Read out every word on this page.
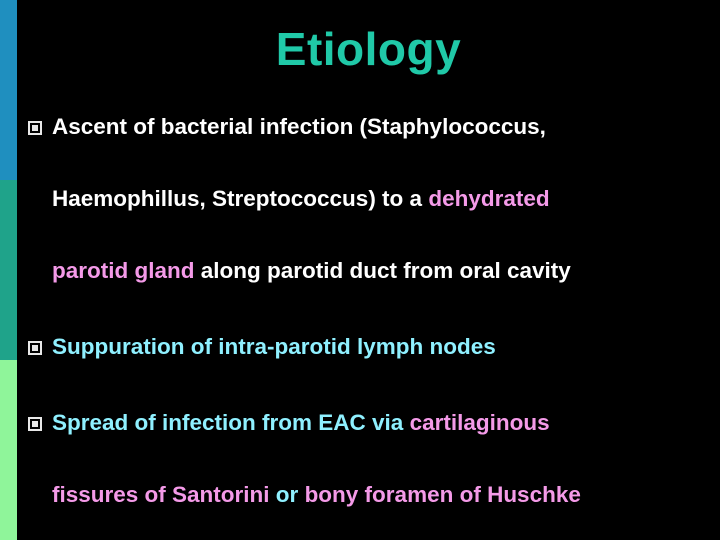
Etiology
Ascent of bacterial infection (Staphylococcus,
Haemophillus, Streptococcus) to a dehydrated
parotid gland along parotid duct from oral cavity
Suppuration of intra-parotid lymph nodes
Spread of infection from EAC via cartilaginous
fissures of Santorini or bony foramen of Huschke
